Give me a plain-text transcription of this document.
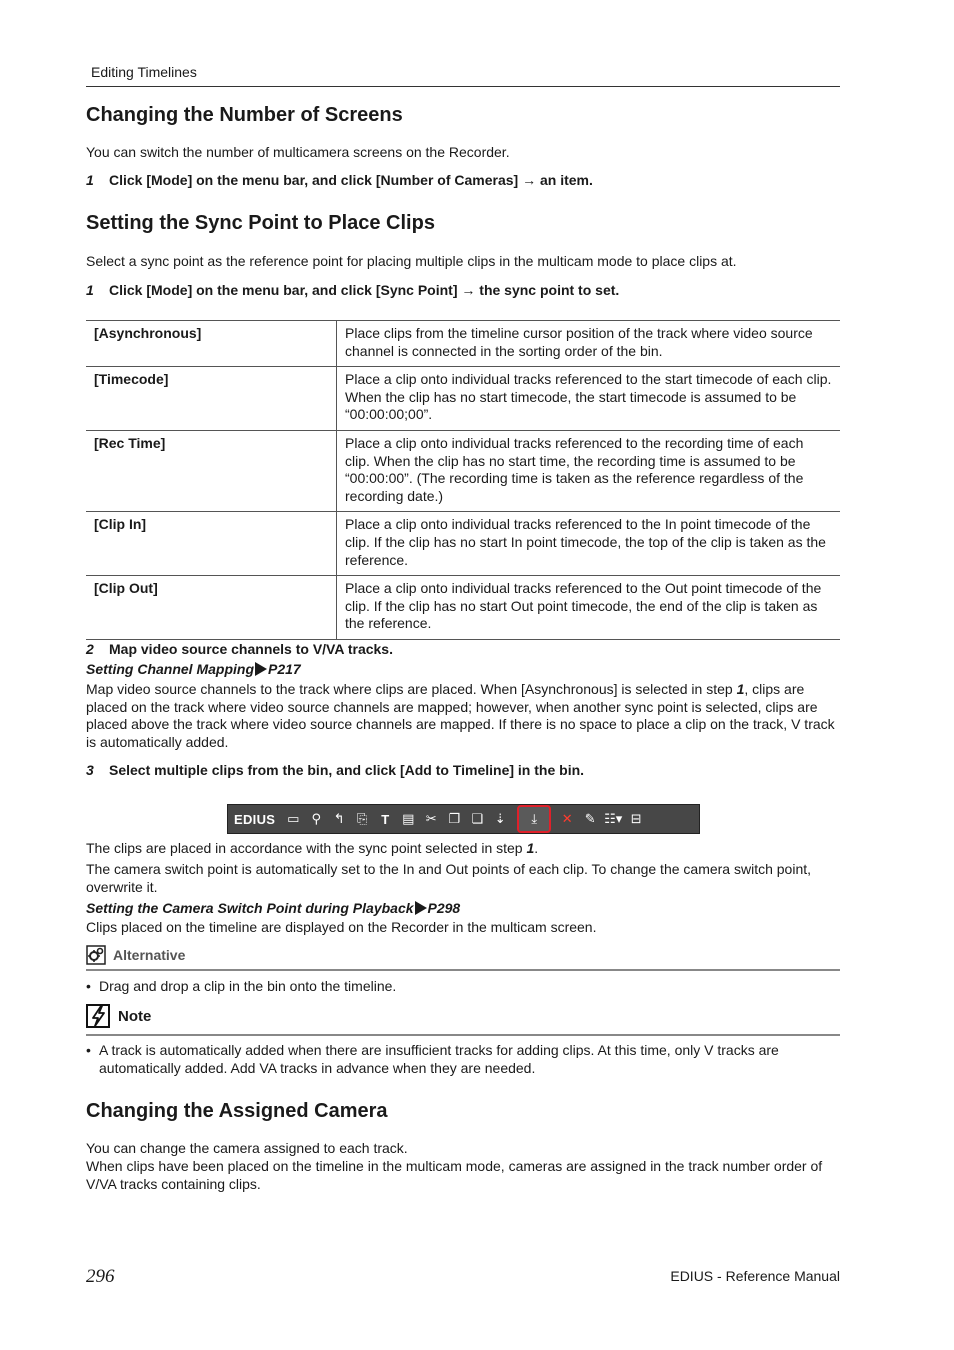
Editing Timelines
Changing the Number of Screens

You can switch the number of multicamera screens on the Recorder.

1 Click [Mode] on the menu bar, and click [Number of Cameras] → an item.
Setting the Sync Point to Place Clips

Select a sync point as the reference point for placing multiple clips in the multicam mode to place clips at.

1 Click [Mode] on the menu bar, and click [Sync Point] → the sync point to set.
[Asynchronous]	Place clips from the timeline cursor position of the track where video source channel is connected in the sorting order of the bin.
[Timecode]	Place a clip onto individual tracks referenced to the start timecode of each clip. When the clip has no start timecode, the start timecode is assumed to be “00:00:00;00”.
[Rec Time]	Place a clip onto individual tracks referenced to the recording time of each clip. When the clip has no start time, the recording time is assumed to be “00:00:00”. (The recording time is taken as the reference regardless of the recording date.)
[Clip In]	Place a clip onto individual tracks referenced to the In point timecode of the clip. If the clip has no start In point timecode, the top of the clip is taken as the reference.
[Clip Out]	Place a clip onto individual tracks referenced to the Out point timecode of the clip. If the clip has no start Out point timecode, the end of the clip is taken as the reference.
2 Map video source channels to V/VA tracks.
Setting Channel Mapping P217

Map video source channels to the track where clips are placed. When [Asynchronous] is selected in step 1, clips are placed on the track where video source channels are mapped; however, when another sync point is selected, clips are placed above the track where video source channels are mapped. If there is no space to place a clip on the track, V track is automatically added.

3 Select multiple clips from the bin, and click [Add to Timeline] in the bin.
EDIUS ▭ ⚲ ↰ ⎘	T ▤ ✂ ❐ ❏ ⇣	⤓	✕ ✎ ☷▾ ⊟

The clips are placed in accordance with the sync point selected in step 1.

The camera switch point is automatically set to the In and Out points of each clip. To change the camera switch point, overwrite it.

Setting the Camera Switch Point during Playback P298

Clips placed on the timeline are displayed on the Recorder in the multicam screen.

Alternative
• Drag and drop a clip in the bin onto the timeline.
Note
• A track is automatically added when there are insufficient tracks for adding clips. At this time, only V tracks are automatically added. Add VA tracks in advance when they are needed.
Changing the Assigned Camera

You can change the camera assigned to each track.

When clips have been placed on the timeline in the multicam mode, cameras are assigned in the track number order of V/VA tracks containing clips.

296	EDIUS - Reference Manual
